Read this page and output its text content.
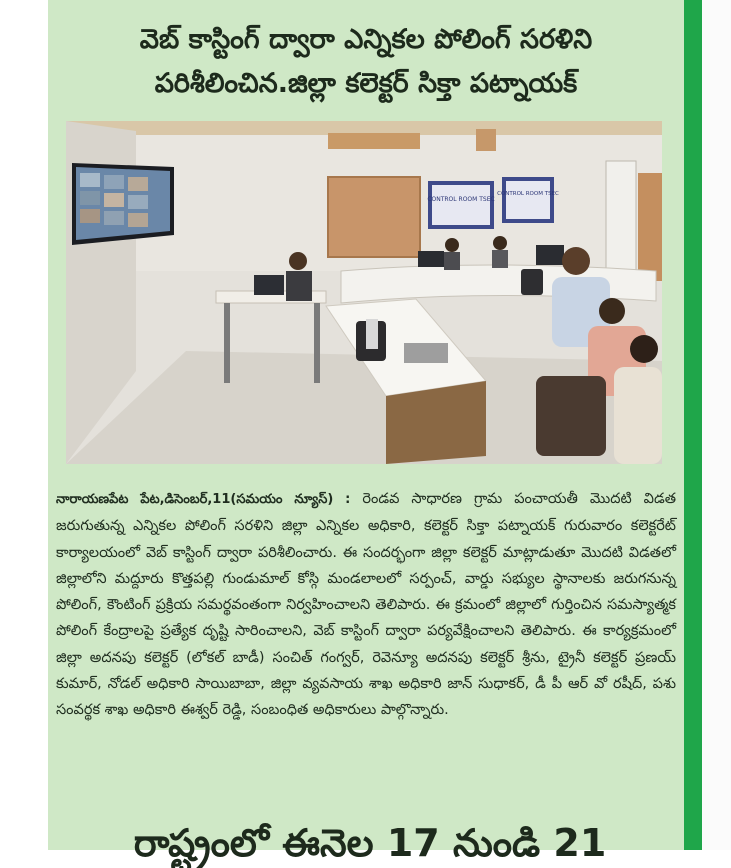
వెబ్ కాస్టింగ్ ద్వారా ఎన్నికల పోలింగ్ సరళిని
పరిశీలించిన.జిల్లా కలెక్టర్ సిక్తా పట్నాయక్
CONTROL ROOM TSEC
CONTROL ROOM TSEC
నారాయణపేట పేట,డిసెంబర్,11(సమయం న్యూస్) : రెండవ సాధారణ గ్రామ పంచాయతీ మొదటి విడత జరుగుతున్న ఎన్నికల పోలింగ్ సరళిని జిల్లా ఎన్నికల అధికారి, కలెక్టర్ సిక్తా పట్నాయక్ గురువారం కలెక్టరేట్ కార్యాలయంలో వెబ్ కాస్టింగ్ ద్వారా పరిశీలించారు. ఈ సందర్భంగా జిల్లా కలెక్టర్ మాట్లాడుతూ మొదటి విడతలో జిల్లాలోని మద్దూరు కొత్తపల్లి గుండుమాల్ కోస్గి మండలాలలో సర్పంచ్, వార్డు సభ్యుల స్థానాలకు జరుగనున్న పోలింగ్, కౌంటింగ్ ప్రక్రియ సమర్థవంతంగా నిర్వహించాలని తెలిపారు. ఈ క్రమంలో జిల్లాలో గుర్తించిన సమస్యాత్మక పోలింగ్ కేంద్రాలపై ప్రత్యేక దృష్టి సారించాలని, వెబ్ కాస్టింగ్ ద్వారా పర్యవేక్షించాలని తెలిపారు. ఈ కార్యక్రమంలో జిల్లా అదనపు కలెక్టర్ (లోకల్ బాడీ) సంచిత్ గంగ్వర్, రెవెన్యూ అదనపు కలెక్టర్ శ్రీను, ట్రైనీ కలెక్టర్ ప్రణయ్ కుమార్, నోడల్ అధికారి సాయిబాబా, జిల్లా వ్యవసాయ శాఖ అధికారి జాన్ సుధాకర్, డీ పీ ఆర్ వో రషీద్, పశు సంవర్థక శాఖ అధికారి ఈశ్వర్ రెడ్డి, సంబంధిత అధికారులు పాల్గొన్నారు.
రాష్ట్రంలో ఈనెల 17 నుండి 21
